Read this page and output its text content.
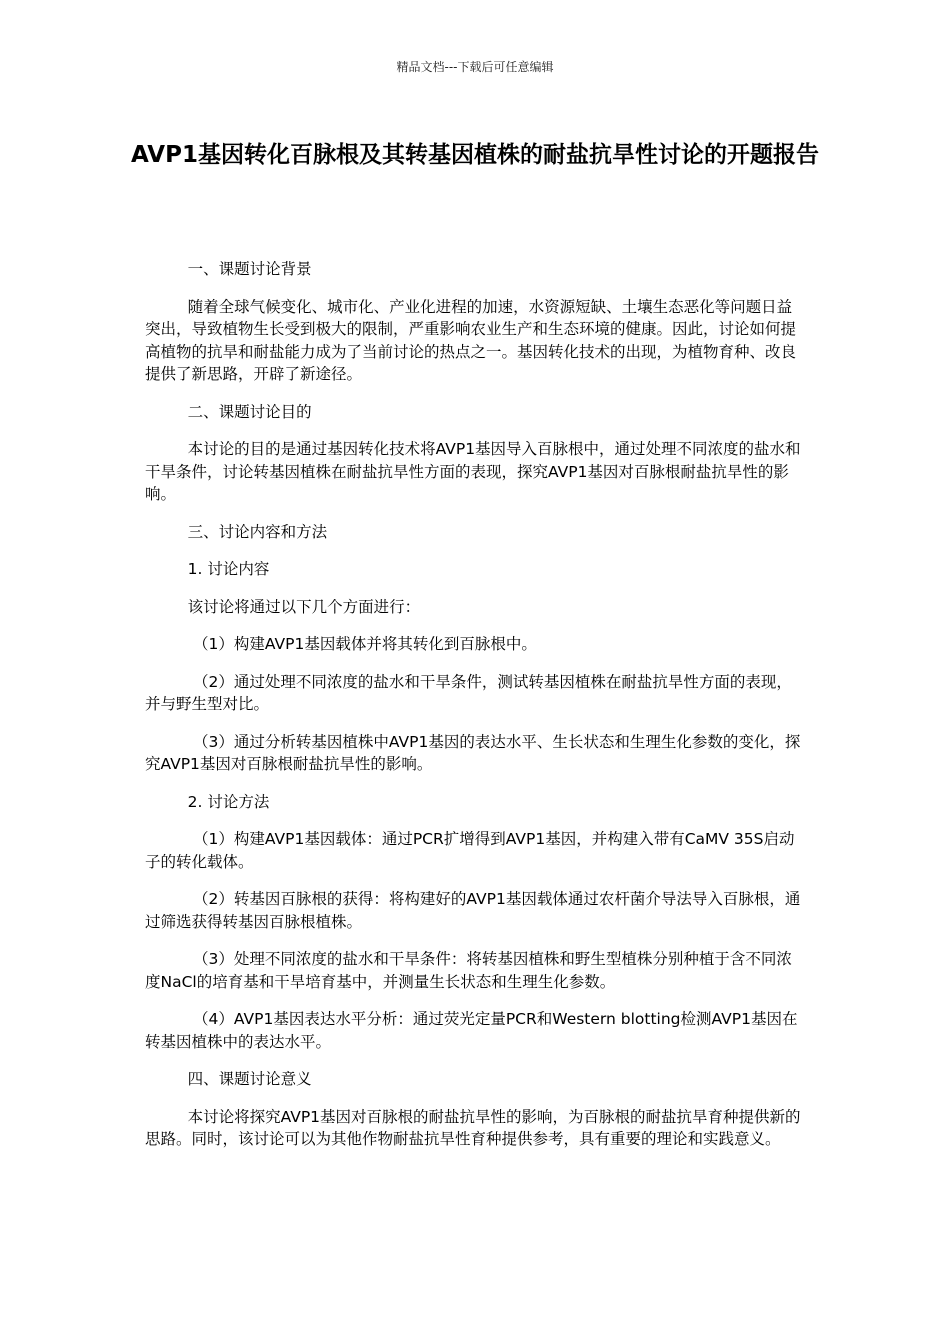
精品文档---下载后可任意编辑
AVP1基因转化百脉根及其转基因植株的耐盐抗旱性讨论的开题报告

一、课题讨论背景

随着全球气候变化、城市化、产业化进程的加速，水资源短缺、土壤生态恶化等问题日益突出，导致植物生长受到极大的限制，严重影响农业生产和生态环境的健康。因此，讨论如何提高植物的抗旱和耐盐能力成为了当前讨论的热点之一。基因转化技术的出现，为植物育种、改良提供了新思路，开辟了新途径。

二、课题讨论目的

本讨论的目的是通过基因转化技术将AVP1基因导入百脉根中，通过处理不同浓度的盐水和干旱条件，讨论转基因植株在耐盐抗旱性方面的表现，探究AVP1基因对百脉根耐盐抗旱性的影响。

三、讨论内容和方法

1. 讨论内容

该讨论将通过以下几个方面进行：

（1）构建AVP1基因载体并将其转化到百脉根中。

（2）通过处理不同浓度的盐水和干旱条件，测试转基因植株在耐盐抗旱性方面的表现，并与野生型对比。

（3）通过分析转基因植株中AVP1基因的表达水平、生长状态和生理生化参数的变化，探究AVP1基因对百脉根耐盐抗旱性的影响。

2. 讨论方法

（1）构建AVP1基因载体：通过PCR扩增得到AVP1基因，并构建入带有CaMV 35S启动子的转化载体。

（2）转基因百脉根的获得：将构建好的AVP1基因载体通过农杆菌介导法导入百脉根，通过筛选获得转基因百脉根植株。

（3）处理不同浓度的盐水和干旱条件：将转基因植株和野生型植株分别种植于含不同浓度NaCl的培育基和干旱培育基中，并测量生长状态和生理生化参数。

（4）AVP1基因表达水平分析：通过荧光定量PCR和Western blotting检测AVP1基因在转基因植株中的表达水平。

四、课题讨论意义

本讨论将探究AVP1基因对百脉根的耐盐抗旱性的影响，为百脉根的耐盐抗旱育种提供新的思路。同时，该讨论可以为其他作物耐盐抗旱性育种提供参考，具有重要的理论和实践意义。
